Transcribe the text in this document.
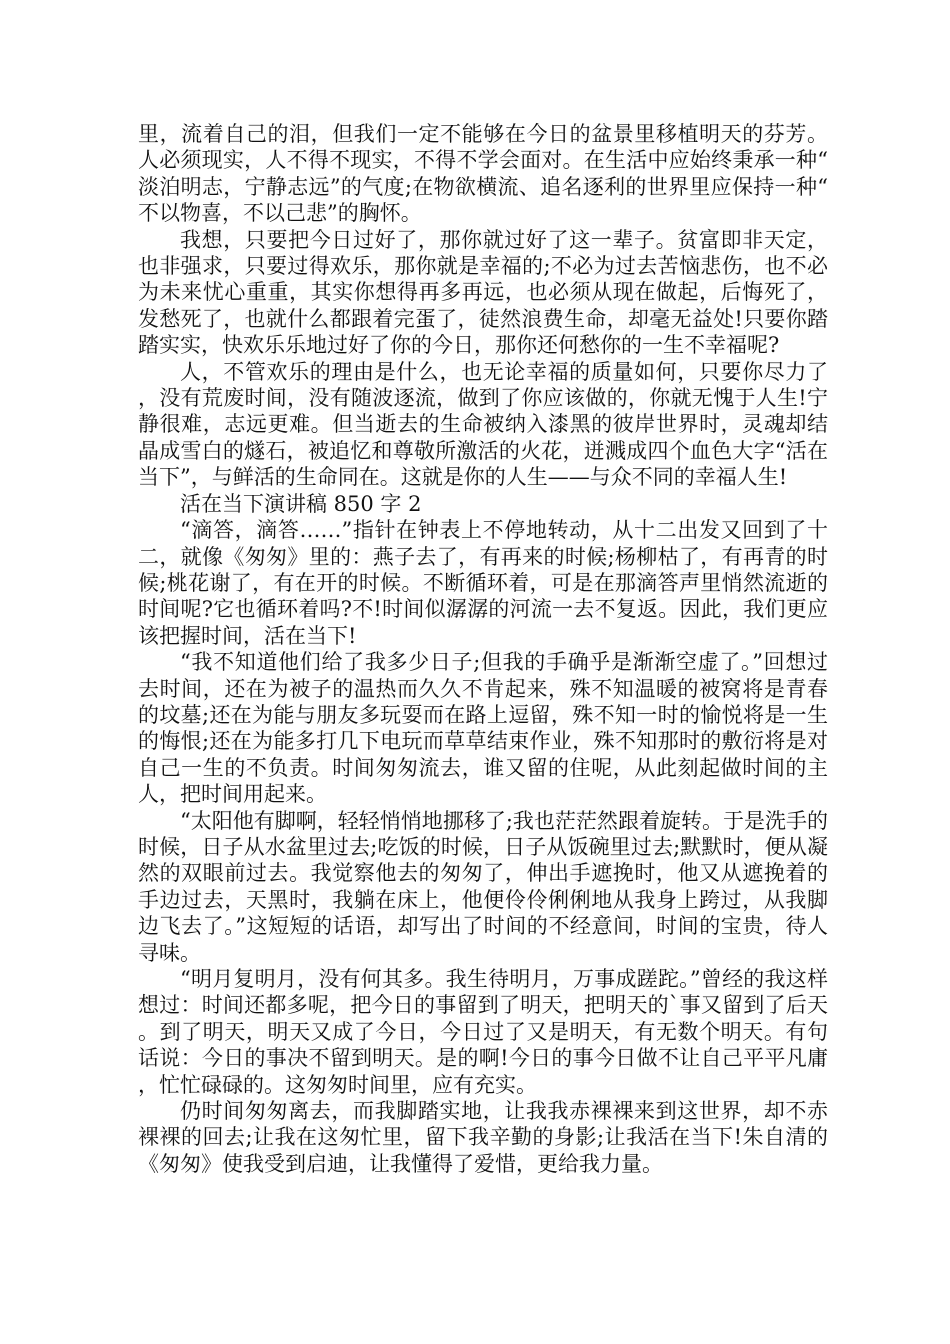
里，流着自己的泪，但我们一定不能够在今日的盆景里移植明天的芬芳。人必须现实，人不得不现实，不得不学会面对。在生活中应始终秉承一种“淡泊明志，宁静志远”的气度;在物欲横流、追名逐利的世界里应保持一种“不以物喜，不以己悲”的胸怀。

我想，只要把今日过好了，那你就过好了这一辈子。贫富即非天定，也非强求，只要过得欢乐，那你就是幸福的;不必为过去苦恼悲伤，也不必为未来忧心重重，其实你想得再多再远，也必须从现在做起，后悔死了，发愁死了，也就什么都跟着完蛋了，徒然浪费生命，却毫无益处!只要你踏踏实实，快欢乐乐地过好了你的今日，那你还何愁你的一生不幸福呢?

人，不管欢乐的理由是什么，也无论幸福的质量如何，只要你尽力了，没有荒废时间，没有随波逐流，做到了你应该做的，你就无愧于人生!宁静很难，志远更难。但当逝去的生命被纳入漆黑的彼岸世界时，灵魂却结晶成雪白的燧石，被追忆和尊敬所激活的火花，迸溅成四个血色大字“活在当下”，与鲜活的生命同在。这就是你的人生——与众不同的幸福人生!

活在当下演讲稿 850 字 2

“滴答，滴答……”指针在钟表上不停地转动，从十二出发又回到了十二，就像《匆匆》里的：燕子去了，有再来的时候;杨柳枯了，有再青的时候;桃花谢了，有在开的时候。不断循环着，可是在那滴答声里悄然流逝的时间呢?它也循环着吗?不!时间似潺潺的河流一去不复返。因此，我们更应该把握时间，活在当下!

“我不知道他们给了我多少日子;但我的手确乎是渐渐空虚了。”回想过去时间，还在为被子的温热而久久不肯起来，殊不知温暖的被窝将是青春的坟墓;还在为能与朋友多玩耍而在路上逗留，殊不知一时的愉悦将是一生的悔恨;还在为能多打几下电玩而草草结束作业，殊不知那时的敷衍将是对自己一生的不负责。时间匆匆流去，谁又留的住呢，从此刻起做时间的主人，把时间用起来。

“太阳他有脚啊，轻轻悄悄地挪移了;我也茫茫然跟着旋转。于是洗手的时候，日子从水盆里过去;吃饭的时候，日子从饭碗里过去;默默时，便从凝然的双眼前过去。我觉察他去的匆匆了，伸出手遮挽时，他又从遮挽着的手边过去，天黑时，我躺在床上，他便伶伶俐俐地从我身上跨过，从我脚边飞去了。”这短短的话语，却写出了时间的不经意间，时间的宝贵，待人寻味。

“明月复明月，没有何其多。我生待明月，万事成蹉跎。”曾经的我这样想过：时间还都多呢，把今日的事留到了明天，把明天的`事又留到了后天。到了明天，明天又成了今日，今日过了又是明天，有无数个明天。有句话说：今日的事决不留到明天。是的啊!今日的事今日做不让自己平平凡庸，忙忙碌碌的。这匆匆时间里，应有充实。

仍时间匆匆离去，而我脚踏实地，让我我赤裸裸来到这世界，却不赤裸裸的回去;让我在这匆忙里，留下我辛勤的身影;让我活在当下!朱自清的《匆匆》使我受到启迪，让我懂得了爱惜，更给我力量。
